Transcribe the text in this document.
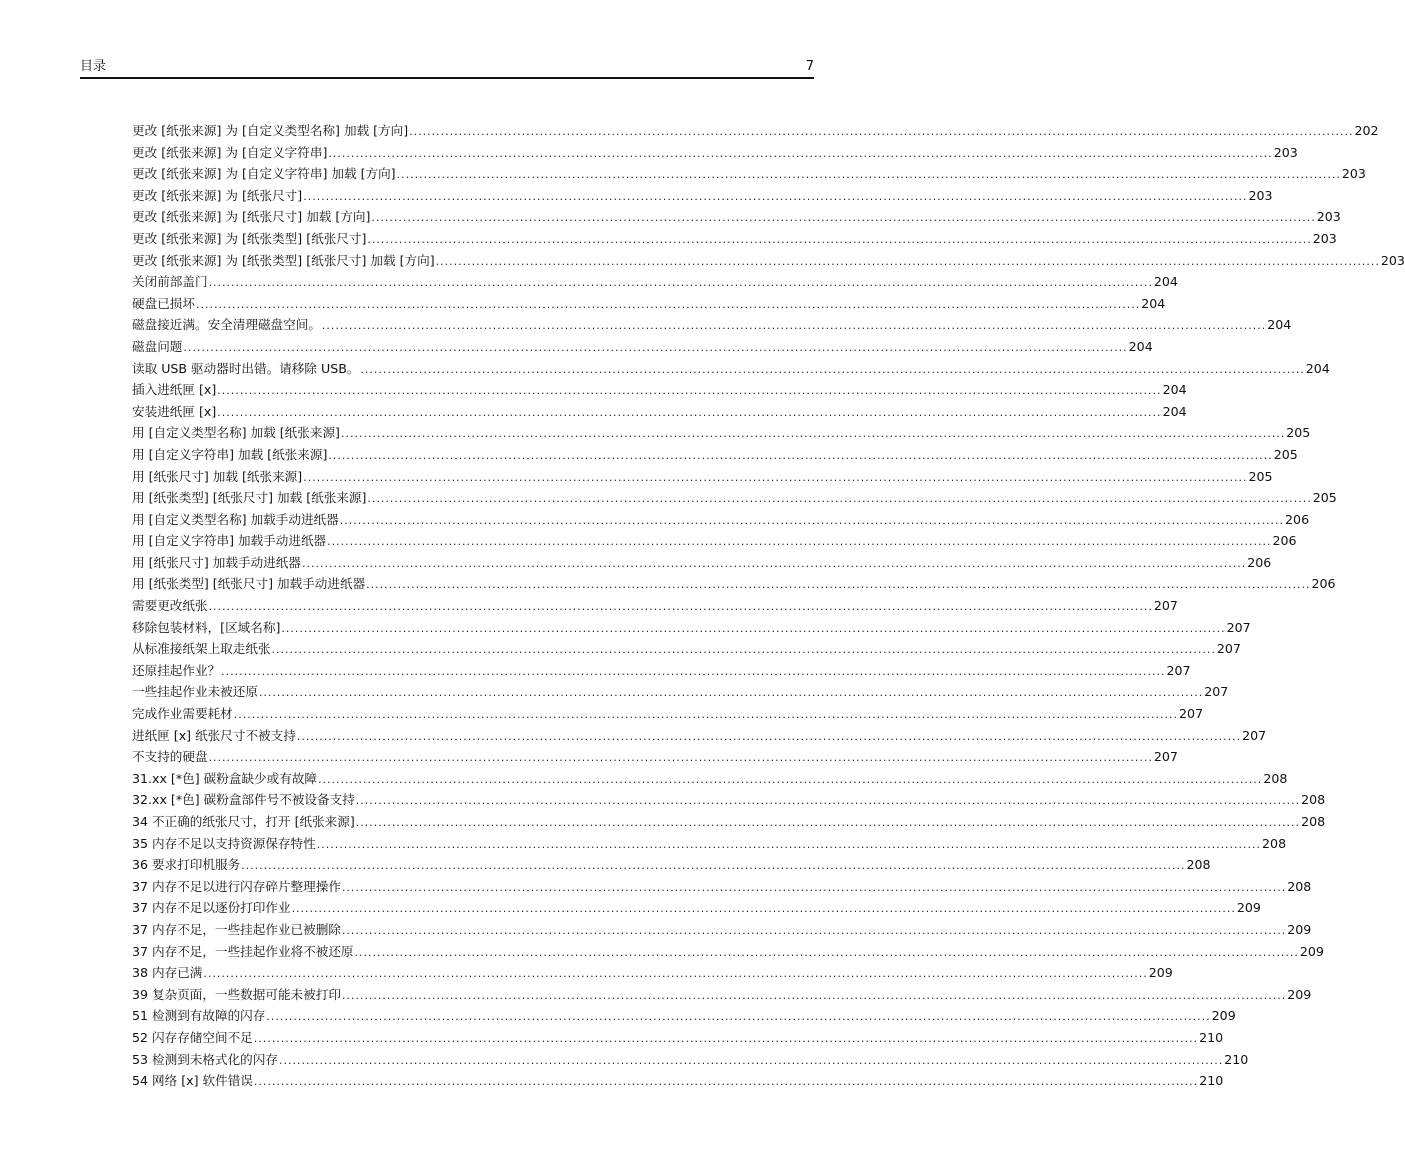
目录	7
更改 [纸张来源] 为 [自定义类型名称] 加载 [方向] .....	202
更改 [纸张来源] 为 [自定义字符串] .....	203
更改 [纸张来源] 为 [自定义字符串] 加载 [方向] .....	203
更改 [纸张来源] 为 [纸张尺寸] .....	203
更改 [纸张来源] 为 [纸张尺寸] 加载 [方向] .....	203
更改 [纸张来源] 为 [纸张类型] [纸张尺寸] .....	203
更改 [纸张来源] 为 [纸张类型] [纸张尺寸] 加载 [方向] .....	203
关闭前部盖门 .....	204
硬盘已损坏 .....	204
磁盘接近满。安全清理磁盘空间。 .....	204
磁盘问题 .....	204
读取 USB 驱动器时出错。请移除 USB。 .....	204
插入进纸匣 [x] .....	204
安装进纸匣 [x] .....	204
用 [自定义类型名称] 加载 [纸张来源] .....	205
用 [自定义字符串] 加载 [纸张来源] .....	205
用 [纸张尺寸] 加载 [纸张来源] .....	205
用 [纸张类型] [纸张尺寸] 加载 [纸张来源] .....	205
用 [自定义类型名称] 加载手动进纸器 .....	206
用 [自定义字符串] 加载手动进纸器 .....	206
用 [纸张尺寸] 加载手动进纸器 .....	206
用 [纸张类型] [纸张尺寸] 加载手动进纸器 .....	206
需要更改纸张 .....	207
移除包装材料，[区域名称] .....	207
从标准接纸架上取走纸张 .....	207
还原挂起作业？ .....	207
一些挂起作业未被还原 .....	207
完成作业需要耗材 .....	207
进纸匣 [x] 纸张尺寸不被支持 .....	207
不支持的硬盘 .....	207
31.xx [*色] 碳粉盒缺少或有故障 .....	208
32.xx [*色] 碳粉盒部件号不被设备支持 .....	208
34 不正确的纸张尺寸，打开 [纸张来源] .....	208
35 内存不足以支持资源保存特性 .....	208
36 要求打印机服务 .....	208
37 内存不足以进行闪存碎片整理操作 .....	208
37 内存不足以逐份打印作业 .....	209
37 内存不足，一些挂起作业已被删除 .....	209
37 内存不足，一些挂起作业将不被还原 .....	209
38 内存已满 .....	209
39 复杂页面，一些数据可能未被打印 .....	209
51 检测到有故障的闪存 .....	209
52 闪存存储空间不足 .....	210
53 检测到未格式化的闪存 .....	210
54 网络 [x] 软件错误 .....	210
